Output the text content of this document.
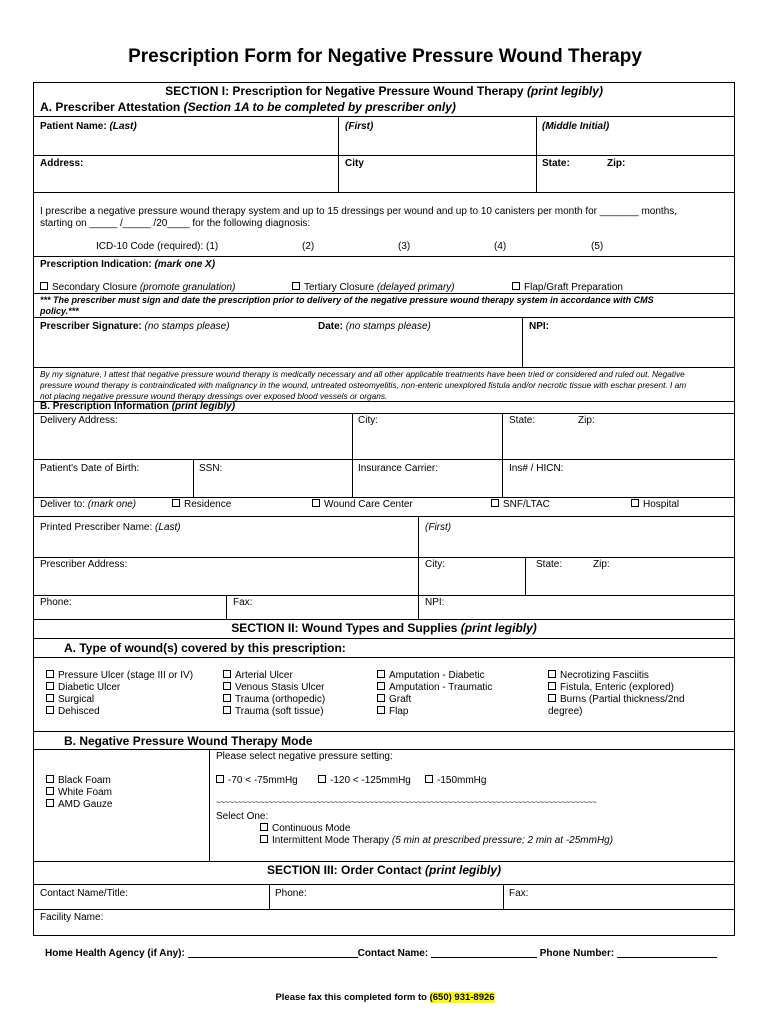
Prescription Form for Negative Pressure Wound Therapy
SECTION I: Prescription for Negative Pressure Wound Therapy (print legibly)
A. Prescriber Attestation (Section 1A to be completed by prescriber only)
Patient Name: (Last)	(First)	(Middle Initial)
Address:	City	State:	Zip:
I prescribe a negative pressure wound therapy system and up to 15 dressings per wound and up to 10 canisters per month for _______ months,
starting on _____ /_____ /20____ for the following diagnosis:
ICD-10 Code (required): (1)	(2)	(3)	(4)	(5)
Prescription Indication: (mark one X)
Secondary Closure (promote granulation)	Tertiary Closure (delayed primary)	Flap/Graft Preparation
*** The prescriber must sign and date the prescription prior to delivery of the negative pressure wound therapy system in accordance with CMS
policy.***
Prescriber Signature: (no stamps please)	Date: (no stamps please)	NPI:
By my signature, I attest that negative pressure wound therapy is medically necessary and all other applicable treatments have been tried or considered and ruled out. Negative
pressure wound therapy is contraindicated with malignancy in the wound, untreated osteomyelitis, non-enteric unexplored fistula and/or necrotic tissue with eschar present. I am
not placing negative pressure wound therapy dressings over exposed blood vessels or organs.
B. Prescription Information (print legibly)
Delivery Address:	City:	State:	Zip:
Patient's Date of Birth:	SSN:	Insurance Carrier:	Ins# / HICN:
Deliver to: (mark one)	Residence	Wound Care Center	SNF/LTAC	Hospital
Printed Prescriber Name: (Last)	(First)
Prescriber Address:	City:	State:	Zip:
Phone:	Fax:	NPI:
SECTION II: Wound Types and Supplies (print legibly)
A. Type of wound(s) covered by this prescription:
Pressure Ulcer (stage III or IV)
Diabetic Ulcer
Surgical
Dehisced
Arterial Ulcer
Venous Stasis Ulcer
Trauma (orthopedic)
Trauma (soft tissue)
Amputation - Diabetic
Amputation - Traumatic
Graft
Flap
Necrotizing Fasciitis
Fistula, Enteric (explored)
Burns (Partial thickness/2nd
degree)
B. Negative Pressure Wound Therapy Mode
Please select negative pressure setting:
Black Foam
White Foam
AMD Gauze
-70 < -75mmHg	-120 < -125mmHg	-150mmHg
~~~~~~~~~~~~~~~~~~~~~~~~~~~~~~~~~~~~~~~~~~~~~~~~~~~~~~~~~~~~~~~~~~~~~~~~~~~~~~~~~~~~~~~
Select One:
Continuous Mode
Intermittent Mode Therapy (5 min at prescribed pressure; 2 min at -25mmHg)
SECTION III: Order Contact (print legibly)
Contact Name/Title:	Phone:	Fax:
Facility Name:
Home Health Agency (if Any):	Contact Name:	Phone Number:
Please fax this completed form to (650) 931-8926
